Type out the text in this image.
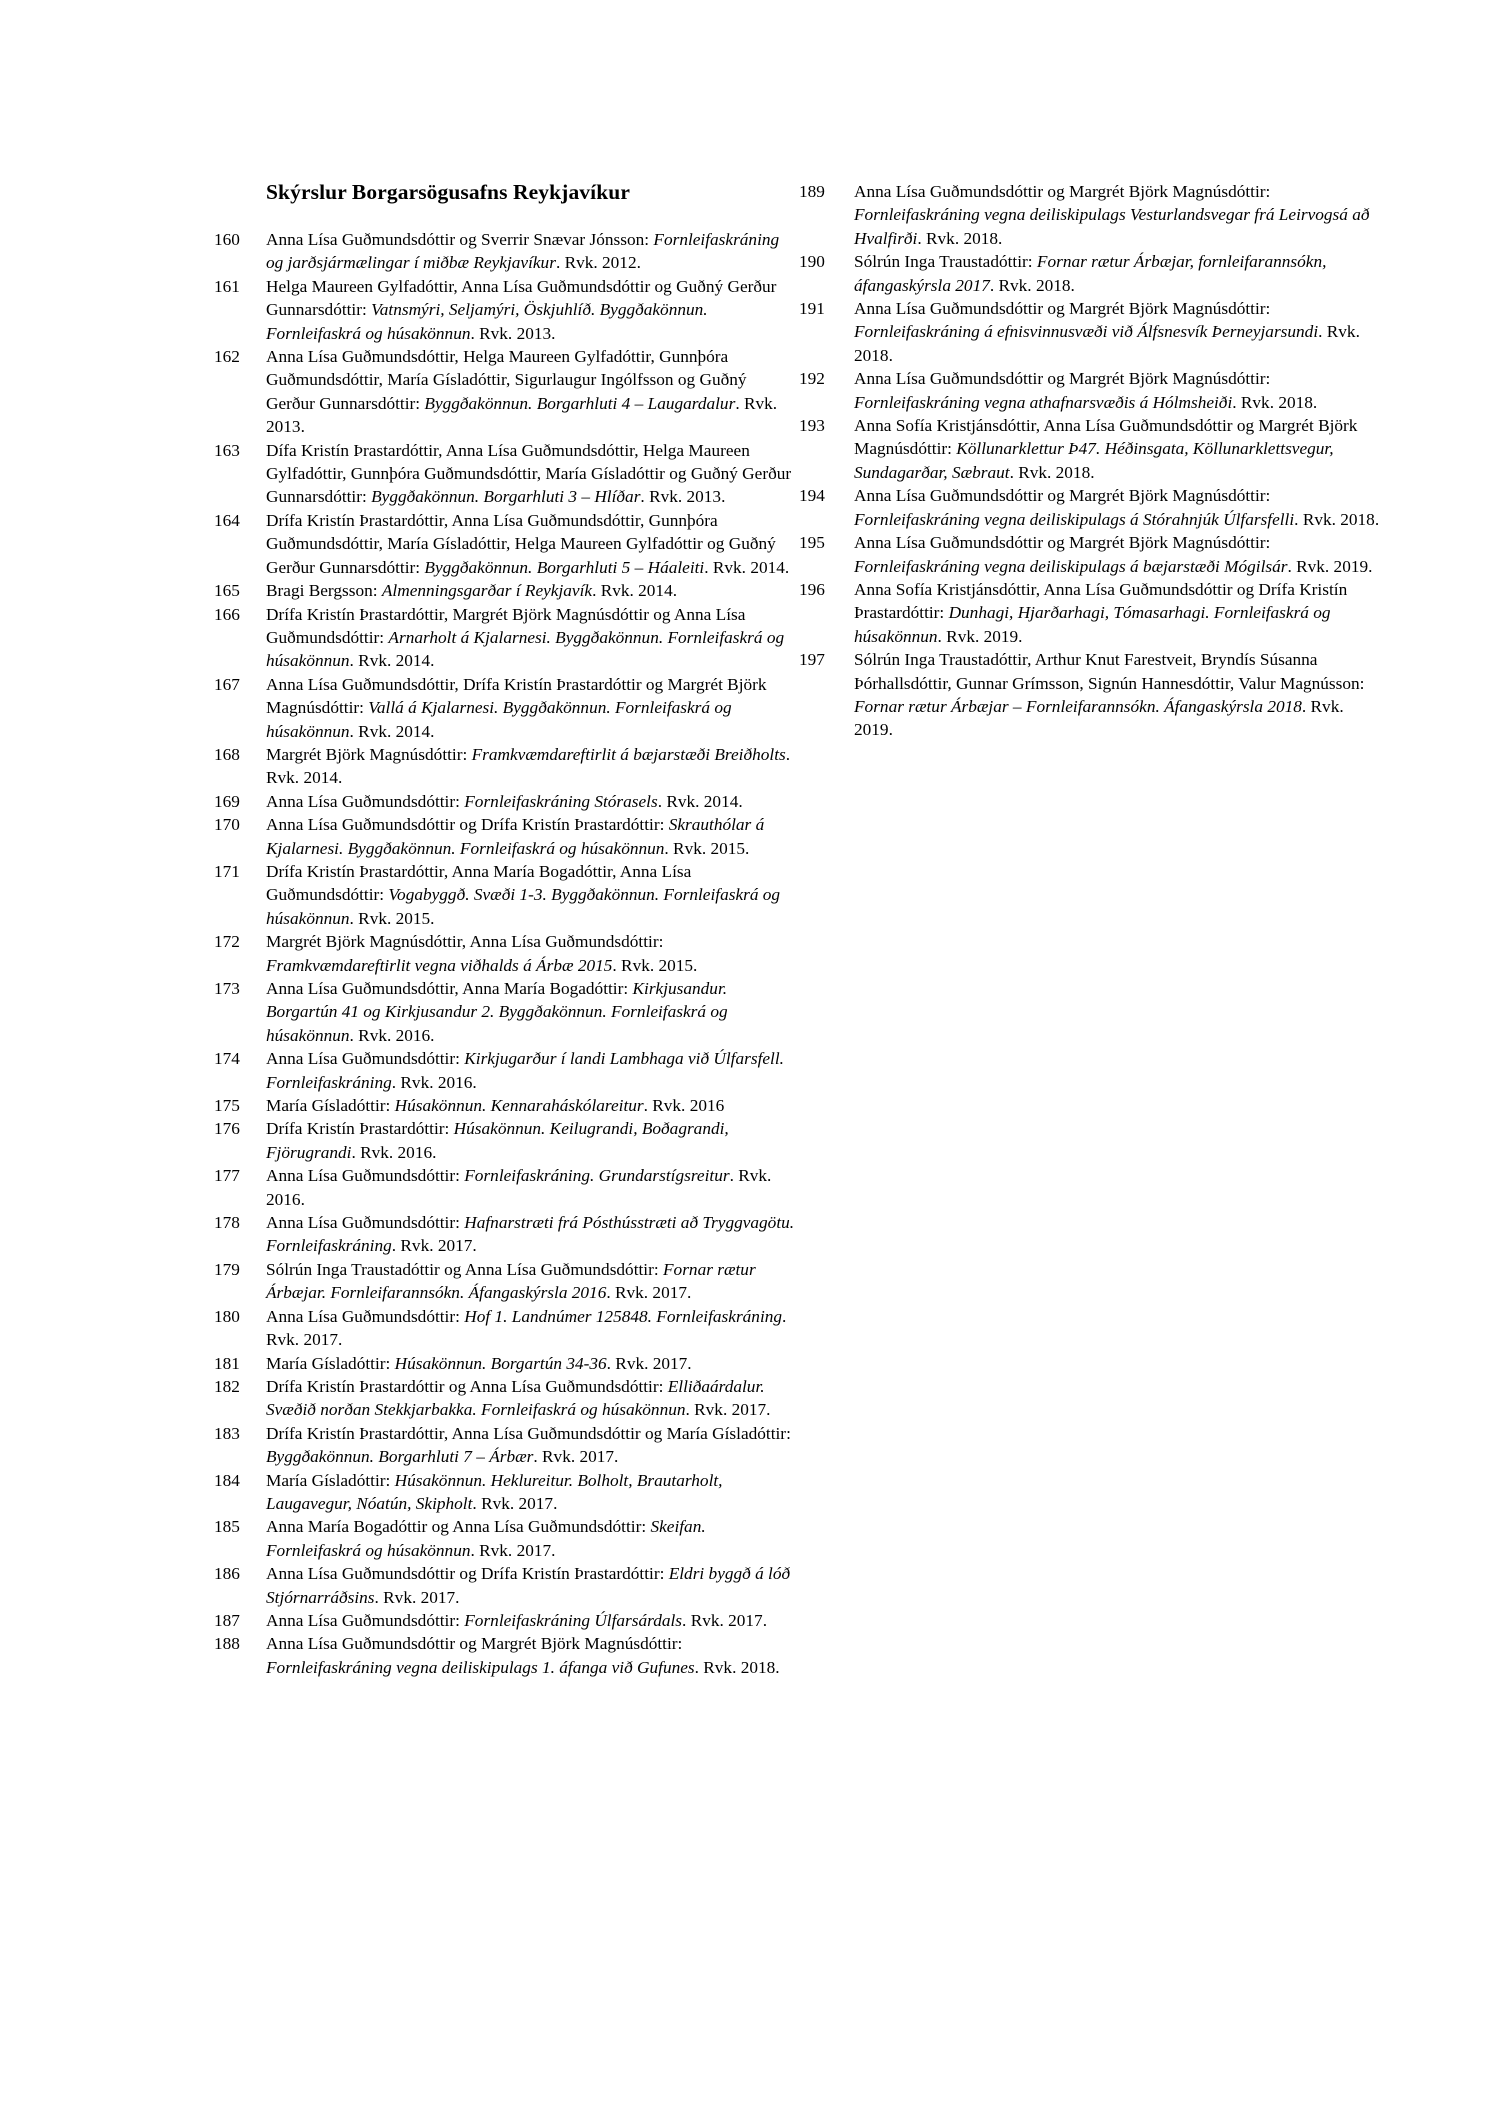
Skýrslur Borgarsögusafns Reykjavíkur
160	Anna Lísa Guðmundsdóttir og Sverrir Snævar Jónsson: Fornleifaskráning og jarðsjármælingar í miðbæ Reykjavíkur. Rvk. 2012.
161	Helga Maureen Gylfadóttir, Anna Lísa Guðmundsdóttir og Guðný Gerður Gunnarsdóttir: Vatnsmýri, Seljamýri, Öskjuhlíð. Byggðakönnun. Fornleifaskrá og húsakönnun. Rvk. 2013.
162	Anna Lísa Guðmundsdóttir, Helga Maureen Gylfadóttir, Gunnþóra Guðmundsdóttir, María Gísladóttir, Sigurlaugur Ingólfsson og Guðný Gerður Gunnarsdóttir: Byggðakönnun. Borgarhluti 4 – Laugardalur. Rvk. 2013.
163	Dífa Kristín Þrastardóttir, Anna Lísa Guðmundsdóttir, Helga Maureen Gylfadóttir, Gunnþóra Guðmundsdóttir, María Gísladóttir og Guðný Gerður Gunnarsdóttir: Byggðakönnun. Borgarhluti 3 – Hlíðar. Rvk. 2013.
164	Drífa Kristín Þrastardóttir, Anna Lísa Guðmundsdóttir, Gunnþóra Guðmundsdóttir, María Gísladóttir, Helga Maureen Gylfadóttir og Guðný Gerður Gunnarsdóttir: Byggðakönnun. Borgarhluti 5 – Háaleiti. Rvk. 2014.
165	Bragi Bergsson: Almenningsgarðar í Reykjavík. Rvk. 2014.
166	Drífa Kristín Þrastardóttir, Margrét Björk Magnúsdóttir og Anna Lísa Guðmundsdóttir: Arnarholt á Kjalarnesi. Byggðakönnun. Fornleifaskrá og húsakönnun. Rvk. 2014.
167	Anna Lísa Guðmundsdóttir, Drífa Kristín Þrastardóttir og Margrét Björk Magnúsdóttir: Vallá á Kjalarnesi. Byggðakönnun. Fornleifaskrá og húsakönnun. Rvk. 2014.
168	Margrét Björk Magnúsdóttir: Framkvæmdareftirlit á bæjarstæði Breiðholts. Rvk. 2014.
169	Anna Lísa Guðmundsdóttir: Fornleifaskráning Stórasels. Rvk. 2014.
170	Anna Lísa Guðmundsdóttir og Drífa Kristín Þrastardóttir: Skrauthólar á Kjalarnesi. Byggðakönnun. Fornleifaskrá og húsakönnun. Rvk. 2015.
171	Drífa Kristín Þrastardóttir, Anna María Bogadóttir, Anna Lísa Guðmundsdóttir: Vogabyggð. Svæði 1-3. Byggðakönnun. Fornleifaskrá og húsakönnun. Rvk. 2015.
172	Margrét Björk Magnúsdóttir, Anna Lísa Guðmundsdóttir: Framkvæmdareftirlit vegna viðhalds á Árbæ 2015. Rvk. 2015.
173	Anna Lísa Guðmundsdóttir, Anna María Bogadóttir: Kirkjusandur. Borgartún 41 og Kirkjusandur 2. Byggðakönnun. Fornleifaskrá og húsakönnun. Rvk. 2016.
174	Anna Lísa Guðmundsdóttir: Kirkjugarður í landi Lambhaga við Úlfarsfell. Fornleifaskráning. Rvk. 2016.
175	María Gísladóttir: Húsakönnun. Kennaraháskólareitur. Rvk. 2016
176	Drífa Kristín Þrastardóttir: Húsakönnun. Keilugrandi, Boðagrandi, Fjörugrandi. Rvk. 2016.
177	Anna Lísa Guðmundsdóttir: Fornleifaskráning. Grundarstígsreitur. Rvk. 2016.
178	Anna Lísa Guðmundsdóttir: Hafnarstræti frá Pósthússtræti að Tryggvagötu. Fornleifaskráning. Rvk. 2017.
179	Sólrún Inga Traustadóttir og Anna Lísa Guðmundsdóttir: Fornar rætur Árbæjar. Fornleifarannsókn. Áfangaskýrsla 2016. Rvk. 2017.
180	Anna Lísa Guðmundsdóttir: Hof 1. Landnúmer 125848. Fornleifaskráning. Rvk. 2017.
181	María Gísladóttir: Húsakönnun. Borgartún 34-36. Rvk. 2017.
182	Drífa Kristín Þrastardóttir og Anna Lísa Guðmundsdóttir: Elliðaárdalur. Svæðið norðan Stekkjarbakka. Fornleifaskrá og húsakönnun. Rvk. 2017.
183	Drífa Kristín Þrastardóttir, Anna Lísa Guðmundsdóttir og María Gísladóttir: Byggðakönnun. Borgarhluti 7 – Árbær. Rvk. 2017.
184	María Gísladóttir: Húsakönnun. Heklureitur. Bolholt, Brautarholt, Laugavegur, Nóatún, Skipholt. Rvk. 2017.
185	Anna María Bogadóttir og Anna Lísa Guðmundsdóttir: Skeifan. Fornleifaskrá og húsakönnun. Rvk. 2017.
186	Anna Lísa Guðmundsdóttir og Drífa Kristín Þrastardóttir: Eldri byggð á lóð Stjórnarráðsins. Rvk. 2017.
187	Anna Lísa Guðmundsdóttir: Fornleifaskráning Úlfarsárdals. Rvk. 2017.
188	Anna Lísa Guðmundsdóttir og Margrét Björk Magnúsdóttir: Fornleifaskráning vegna deiliskipulags 1. áfanga við Gufunes. Rvk. 2018.
189	Anna Lísa Guðmundsdóttir og Margrét Björk Magnúsdóttir: Fornleifaskráning vegna deiliskipulags Vesturlandsvegar frá Leirvogsá að Hvalfirði. Rvk. 2018.
190	Sólrún Inga Traustadóttir: Fornar rætur Árbæjar, fornleifarannsókn, áfangaskýrsla 2017. Rvk. 2018.
191	Anna Lísa Guðmundsdóttir og Margrét Björk Magnúsdóttir: Fornleifaskráning á efnisvinnusvæði við Álfsnesvík Þerneyjarsundi. Rvk. 2018.
192	Anna Lísa Guðmundsdóttir og Margrét Björk Magnúsdóttir: Fornleifaskráning vegna athafnarsvæðis á Hólmsheiði. Rvk. 2018.
193	Anna Sofía Kristjánsdóttir, Anna Lísa Guðmundsdóttir og Margrét Björk Magnúsdóttir: Köllunarklettur Þ47. Héðinsgata, Köllunarklettsvegur, Sundagarðar, Sæbraut. Rvk. 2018.
194	Anna Lísa Guðmundsdóttir og Margrét Björk Magnúsdóttir: Fornleifaskráning vegna deiliskipulags á Stórahnjúk Úlfarsfelli. Rvk. 2018.
195	Anna Lísa Guðmundsdóttir og Margrét Björk Magnúsdóttir: Fornleifaskráning vegna deiliskipulags á bæjarstæði Mógilsár. Rvk. 2019.
196	Anna Sofía Kristjánsdóttir, Anna Lísa Guðmundsdóttir og Drífa Kristín Þrastardóttir: Dunhagi, Hjarðarhagi, Tómasarhagi. Fornleifaskrá og húsakönnun. Rvk. 2019.
197	Sólrún Inga Traustadóttir, Arthur Knut Farestveit, Bryndís Súsanna Þórhallsdóttir, Gunnar Grímsson, Signún Hannesdóttir, Valur Magnússon: Fornar rætur Árbæjar – Fornleifarannsókn. Áfangaskýrsla 2018. Rvk. 2019.
